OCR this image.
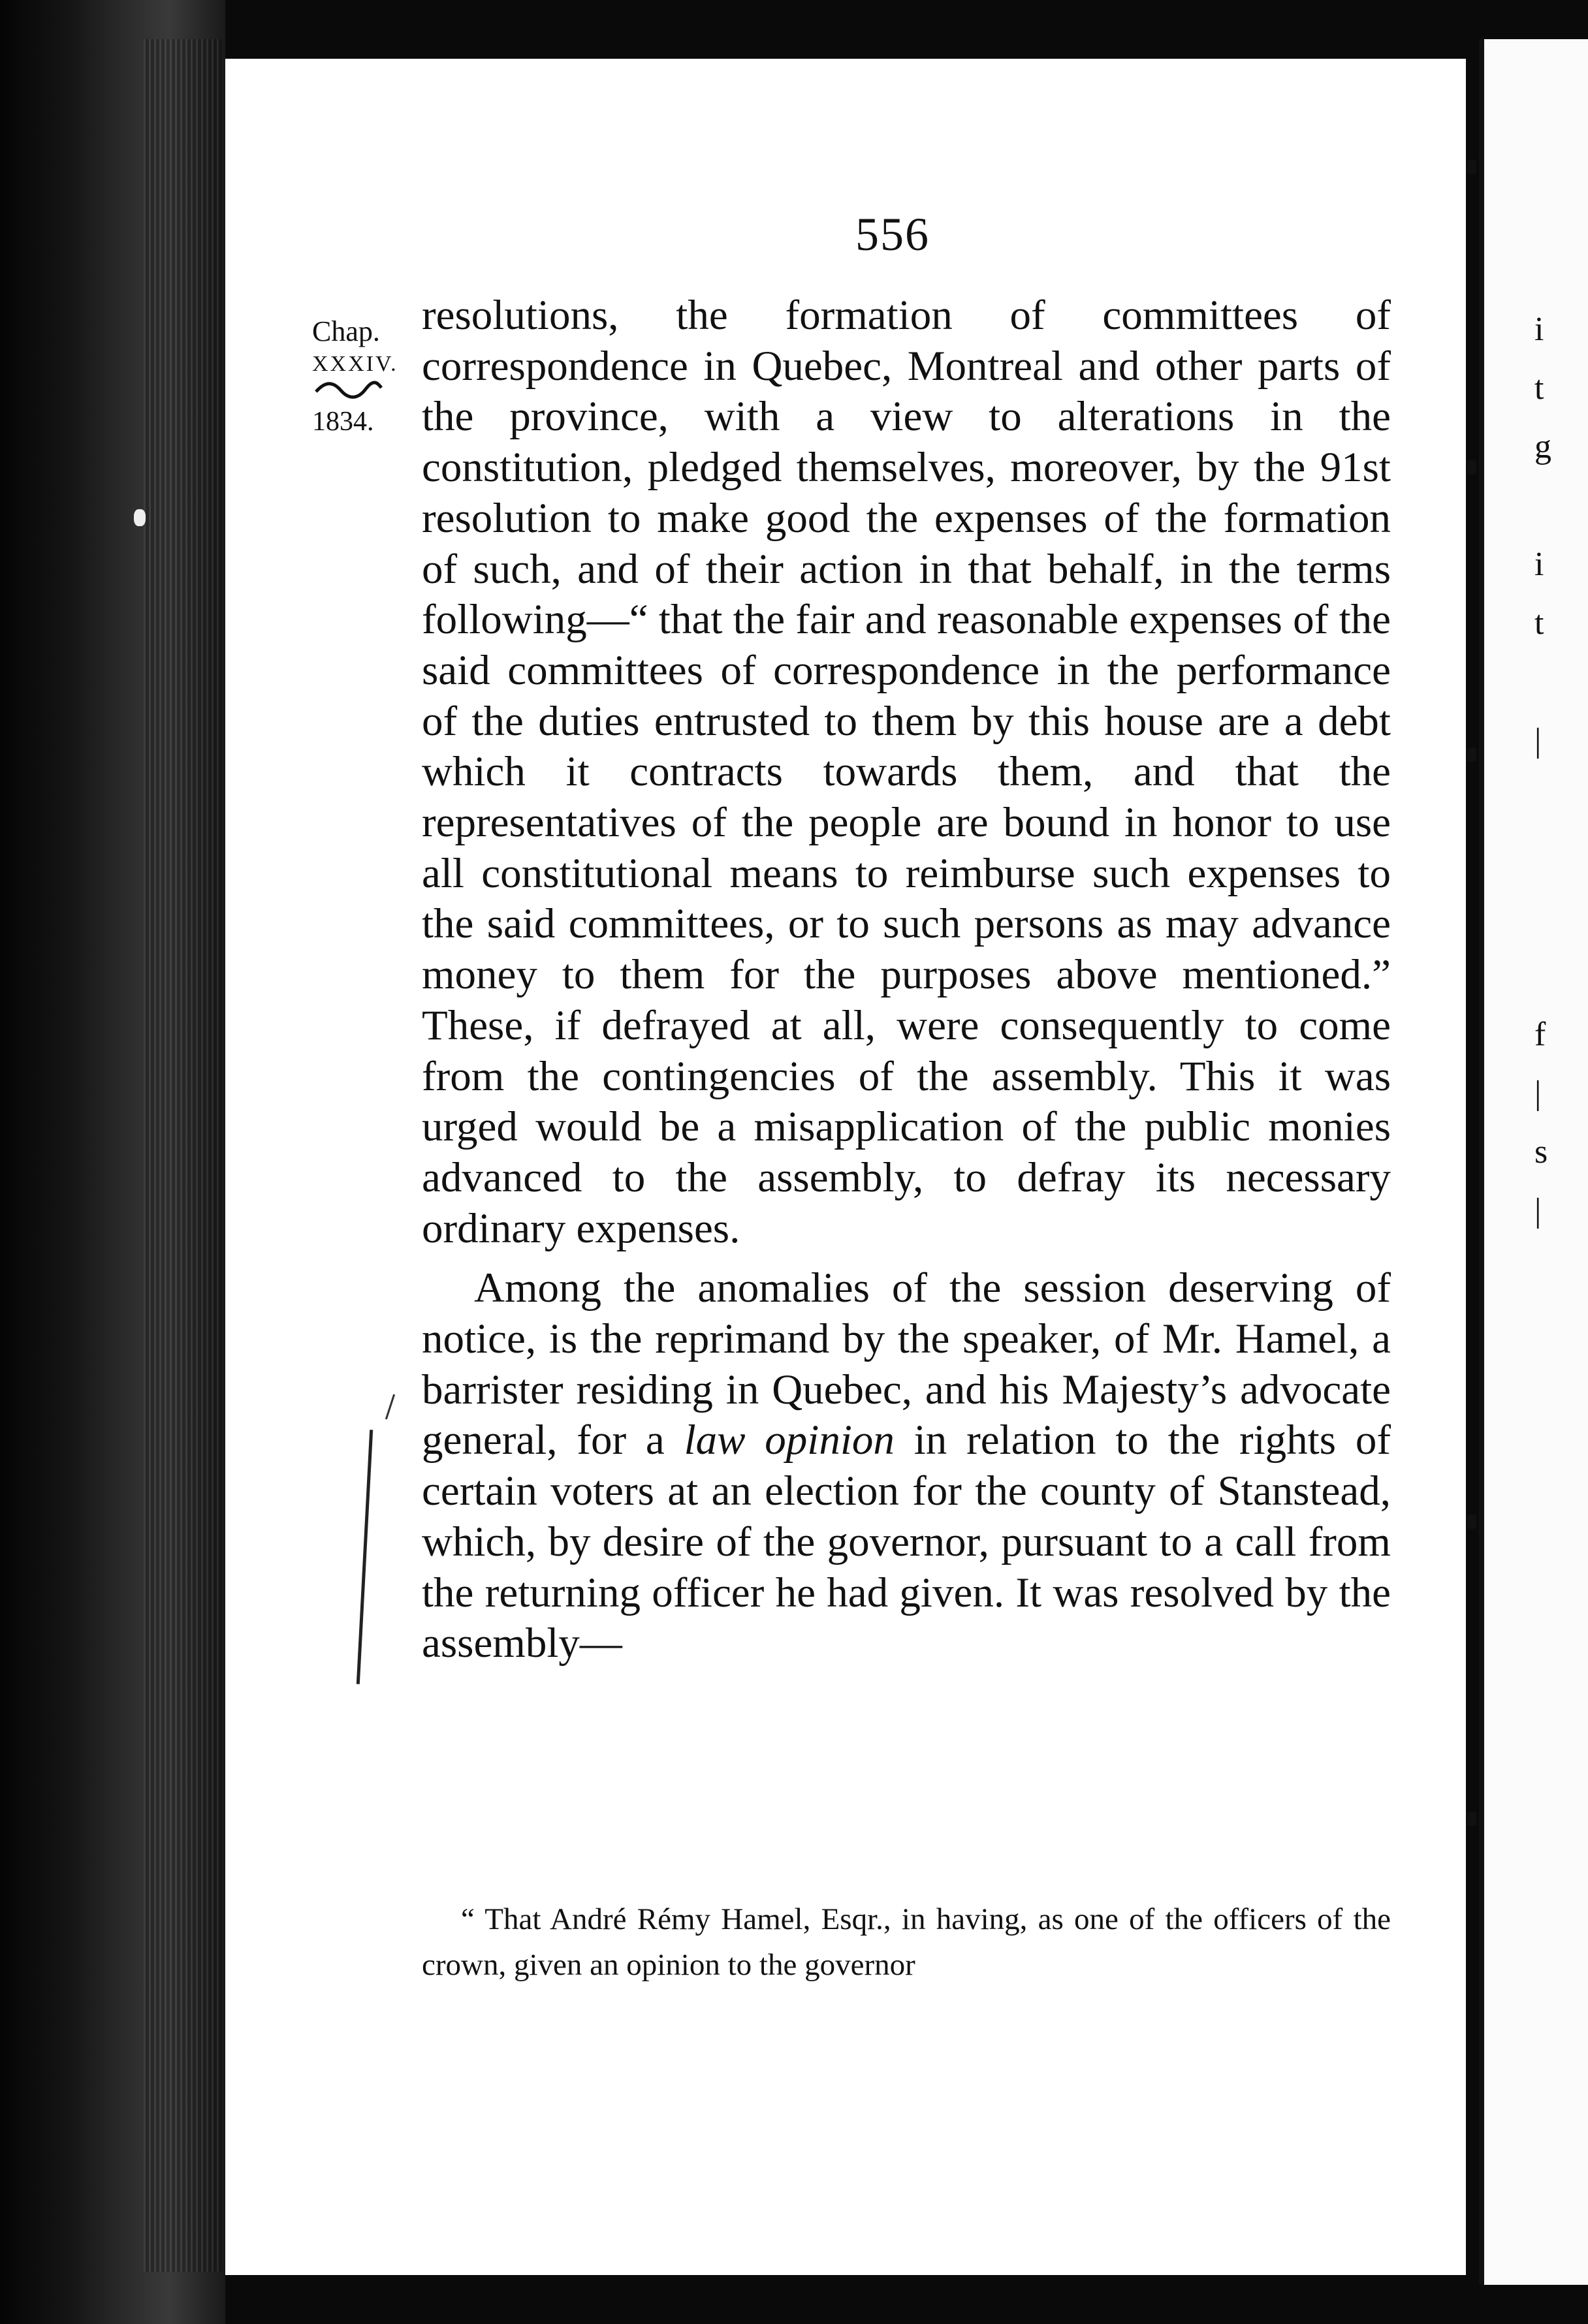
i
t
g
i
t
|
f
|
s
|
556
Chap.
XXXIV.
1834.

resolutions, the formation of committees of correspondence in Quebec, Montreal and other parts of the province, with a view to alterations in the constitution, pledged themselves, moreover, by the 91st resolution to make good the expenses of the formation of such, and of their action in that behalf, in the terms following—“ that the fair and reasonable expenses of the said committees of correspondence in the performance of the duties entrusted to them by this house are a debt which it contracts towards them, and that the representatives of the people are bound in honor to use all constitutional means to reimburse such expenses to the said committees, or to such persons as may advance money to them for the purposes above mentioned.” These, if defrayed at all, were consequently to come from the contingencies of the assembly. This it was urged would be a misapplication of the public monies advanced to the assembly, to defray its necessary ordinary expenses.

Among the anomalies of the session deserving of notice, is the reprimand by the speaker, of Mr. Hamel, a barrister residing in Quebec, and his Majesty’s advocate general, for a law opinion in relation to the rights of certain voters at an election for the county of Stanstead, which, by desire of the governor, pursuant to a call from the returning officer he had given. It was resolved by the assembly—

“ That André Rémy Hamel, Esqr., in having, as one of the officers of the crown, given an opinion to the governor
